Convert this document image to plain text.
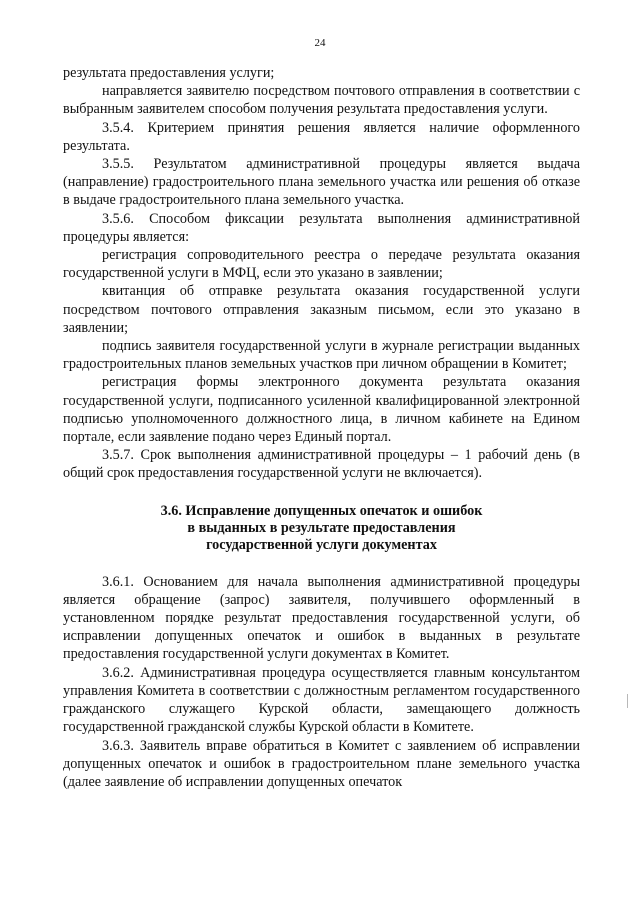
24

результата предоставления услуги;

направляется заявителю посредством почтового отправления в соответствии с выбранным заявителем способом получения результата предоставления услуги.

3.5.4. Критерием принятия решения является наличие оформленного результата.

3.5.5. Результатом административной процедуры является выдача (направление) градостроительного плана земельного участка или решения об отказе в выдаче градостроительного плана земельного участка.

3.5.6. Способом фиксации результата выполнения административной процедуры является:

регистрация сопроводительного реестра о передаче результата оказания государственной услуги в МФЦ, если это указано в заявлении;

квитанция об отправке результата оказания государственной услуги посредством почтового отправления заказным письмом, если это указано в заявлении;

подпись заявителя государственной услуги в журнале регистрации выданных градостроительных планов земельных участков при личном обращении в Комитет;

регистрация формы электронного документа результата оказания государственной услуги, подписанного усиленной квалифицированной электронной подписью уполномоченного должностного лица, в личном кабинете на Едином портале, если заявление подано через Единый портал.

3.5.7. Срок выполнения административной процедуры – 1 рабочий день (в общий срок предоставления государственной услуги не включается).

3.6. Исправление допущенных опечаток и ошибок
в выданных в результате предоставления
государственной услуги документах

3.6.1. Основанием для начала выполнения административной процедуры является обращение (запрос) заявителя, получившего оформленный в установленном порядке результат предоставления государственной услуги, об исправлении допущенных опечаток и ошибок в выданных в результате предоставления государственной услуги документах в Комитет.

3.6.2. Административная процедура осуществляется главным консультантом управления Комитета в соответствии с должностным регламентом государственного гражданского служащего Курской области, замещающего должность государственной гражданской службы Курской области в Комитете.

3.6.3. Заявитель вправе обратиться в Комитет с заявлением об исправлении допущенных опечаток и ошибок в градостроительном плане земельного участка (далее заявление об исправлении допущенных опечаток
